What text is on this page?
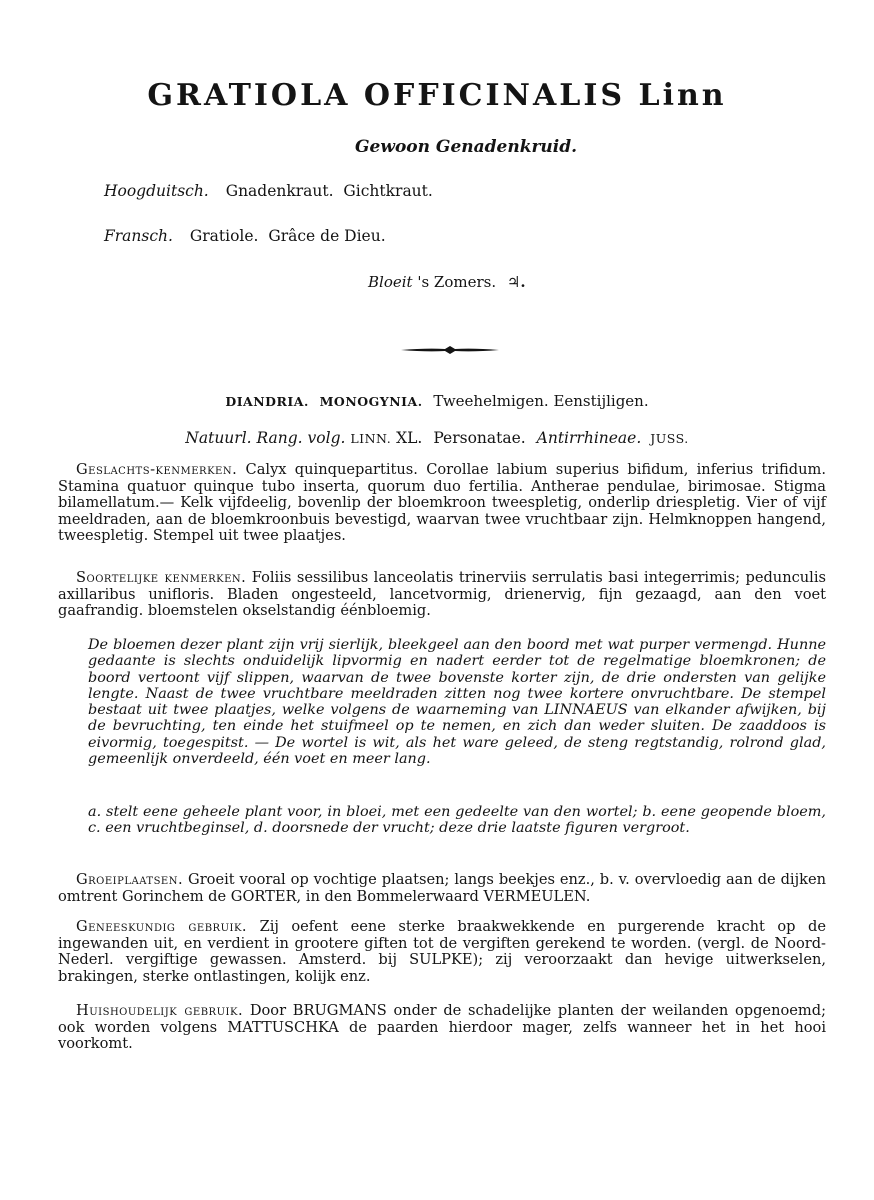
GRATIOLA OFFICINALIS Linn
Gewoon Genadenkruid.
Hoogduitsch. Gnadenkraut.  Gichtkraut.
Fransch. Gratiole.  Grâce de Dieu.
Bloeit 's Zomers. ♃.
DIANDRIA. MONOGYNIA. Tweehelmigen. Eenstijligen.
Natuurl. Rang. volg. LINN. XL. Personatae. Antirrhineae. JUSS.
Geslachts-kenmerken. Calyx quinquepartitus. Corollae labium superius bifidum, inferius trifidum. Stamina quatuor quinque tubo inserta, quorum duo fertilia. Antherae pendulae, birimosae. Stigma bilamellatum.— Kelk vijfdeelig, bovenlip der bloemkroon tweespletig, onderlip driespletig. Vier of vijf meeldraden, aan de bloemkroonbuis bevestigd, waarvan twee vruchtbaar zijn. Helmknoppen hangend, tweespletig. Stempel uit twee plaatjes.
Soortelijke kenmerken. Foliis sessilibus lanceolatis trinerviis serrulatis basi integerrimis; pedunculis axillaribus unifloris. Bladen ongesteeld, lancetvormig, drienervig, fijn gezaagd, aan den voet gaafrandig. bloemstelen okselstandig éénbloemig.
De bloemen dezer plant zijn vrij sierlijk, bleekgeel aan den boord met wat purper vermengd. Hunne gedaante is slechts onduidelijk lipvormig en nadert eerder tot de regelmatige bloemkronen; de boord vertoont vijf slippen, waarvan de twee bovenste korter zijn, de drie ondersten van gelijke lengte. Naast de twee vruchtbare meeldraden zitten nog twee kortere onvruchtbare. De stempel bestaat uit twee plaatjes, welke volgens de waarneming van LINNAEUS van elkander afwijken, bij de bevruchting, ten einde het stuifmeel op te nemen, en zich dan weder sluiten. De zaaddoos is eivormig, toegespitst. — De wortel is wit, als het ware geleed, de steng regtstandig, rolrond glad, gemeenlijk onverdeeld, één voet en meer lang.
a. stelt eene geheele plant voor, in bloei, met een gedeelte van den wortel; b. eene geopende bloem, c. een vruchtbeginsel, d. doorsnede der vrucht; deze drie laatste figuren vergroot.
Groeiplaatsen. Groeit vooral op vochtige plaatsen; langs beekjes enz., b. v. overvloedig aan de dijken omtrent Gorinchem de GORTER, in den Bommelerwaard VERMEULEN.
Geneeskundig gebruik. Zij oefent eene sterke braakwekkende en purgerende kracht op de ingewanden uit, en verdient in grootere giften tot de vergiften gerekend te worden. (vergl. de Noord-Nederl. vergiftige gewassen. Amsterd. bij SULPKE); zij veroorzaakt dan hevige uitwerkselen, brakingen, sterke ontlastingen, kolijk enz.
Huishoudelijk gebruik. Door BRUGMANS onder de schadelijke planten der weilanden opgenoemd; ook worden volgens MATTUSCHKA de paarden hierdoor mager, zelfs wanneer het in het hooi voorkomt.
